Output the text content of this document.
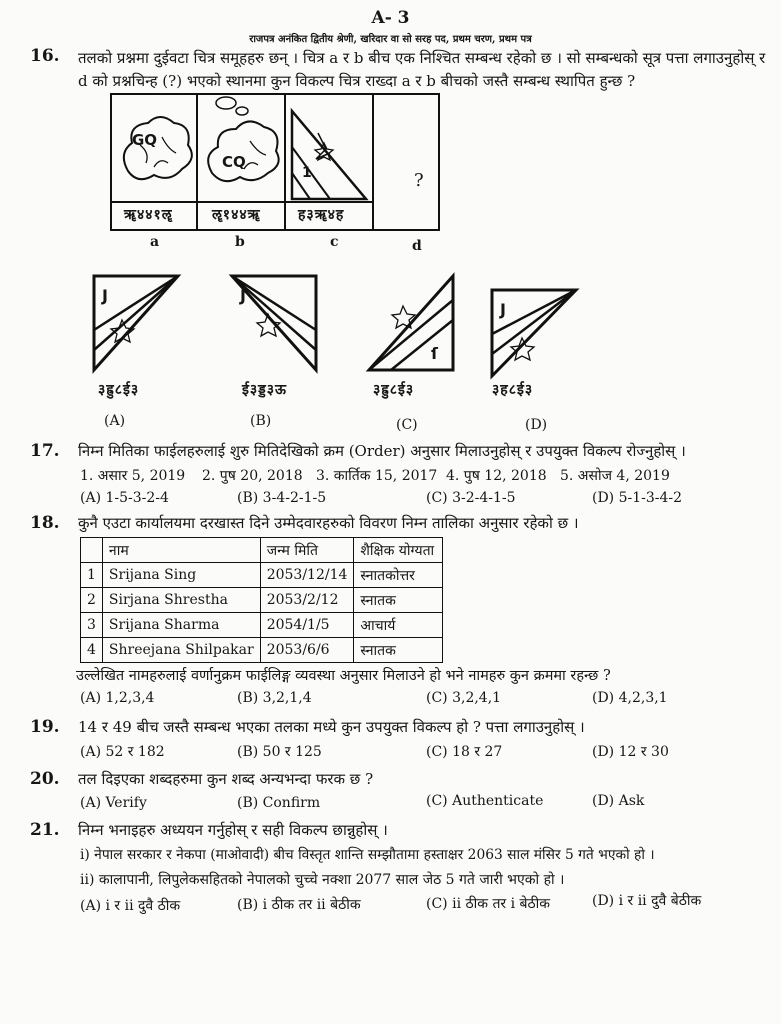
A- 3
राजपत्र अनंकित द्वितीय श्रेणी, खरिदार वा सो सरह पद, प्रथम चरण, प्रथम पत्र
16. तलको प्रश्नमा दुईवटा चित्र समूहहरु छन् । चित्र a र b बीच एक निश्चित सम्बन्ध रहेको छ । सो सम्बन्धको सूत्र पत्ता लगाउनुहोस् र
d को प्रश्नचिन्ह (?) भएको स्थानमा कुन विकल्प चित्र राख्दा a र b बीचको जस्तै सम्बन्ध स्थापित हुन्छ ?
GQ
ॠ४४१ॡ
CQ
ॡ१४४ॠ
1
ह३ॠ४ह
?
a	b	c	d
J
३ह्रु८ई३
J
ई३ड्ड३ऊ
ſ
३ह्रु८ई३
J
३ह८ई३
(A)	(B)	(C)	(D)
17. निम्न मितिका फाईलहरुलाई शुरु मितिदेखिको क्रम (Order) अनुसार मिलाउनुहोस् र उपयुक्त विकल्प रोज्नुहोस् ।
1. असार 5, 2019 2. पुष 20, 2018 3. कार्तिक 15, 2017 4. पुष 12, 2018 5. असोज 4, 2019
(A) 1-5-3-2-4	(B) 3-4-2-1-5	(C) 3-2-4-1-5	(D) 5-1-3-4-2
18. कुनै एउटा कार्यालयमा दरखास्त दिने उम्मेदवारहरुको विवरण निम्न तालिका अनुसार रहेको छ ।
	नाम	जन्म मिति	शैक्षिक योग्यता
1	Srijana Sing	2053/12/14	स्नातकोत्तर
2	Sirjana Shrestha	2053/2/12	स्नातक
3	Srijana Sharma	2054/1/5	आचार्य
4	Shreejana Shilpakar	2053/6/6	स्नातक
उल्लेखित नामहरुलाई वर्णानुक्रम फाईलिङ्ग व्यवस्था अनुसार मिलाउने हो भने नामहरु कुन क्रममा रहन्छ ?
(A) 1,2,3,4	(B) 3,2,1,4	(C) 3,2,4,1	(D) 4,2,3,1
19. 14 र 49 बीच जस्तै सम्बन्ध भएका तलका मध्ये कुन उपयुक्त विकल्प हो ? पत्ता लगाउनुहोस् ।
(A) 52 र 182	(B) 50 र 125	(C) 18 र 27	(D) 12 र 30
20. तल दिइएका शब्दहरुमा कुन शब्द अन्यभन्दा फरक छ ?
(A) Verify	(B) Confirm	(C) Authenticate	(D) Ask
21. निम्न भनाइहरु अध्ययन गर्नुहोस् र सही विकल्प छान्नुहोस् ।
i) नेपाल सरकार र नेकपा (माओवादी) बीच विस्तृत शान्ति सम्झौतामा हस्ताक्षर 2063 साल मंसिर 5 गते भएको हो ।
ii) कालापानी, लिपुलेकसहितको नेपालको चुच्चे नक्शा 2077 साल जेठ 5 गते जारी भएको हो ।
(A) i र ii दुवै ठीक	(B) i ठीक तर ii बेठीक	(C) ii ठीक तर i बेठीक	(D) i र ii दुवै बेठीक
